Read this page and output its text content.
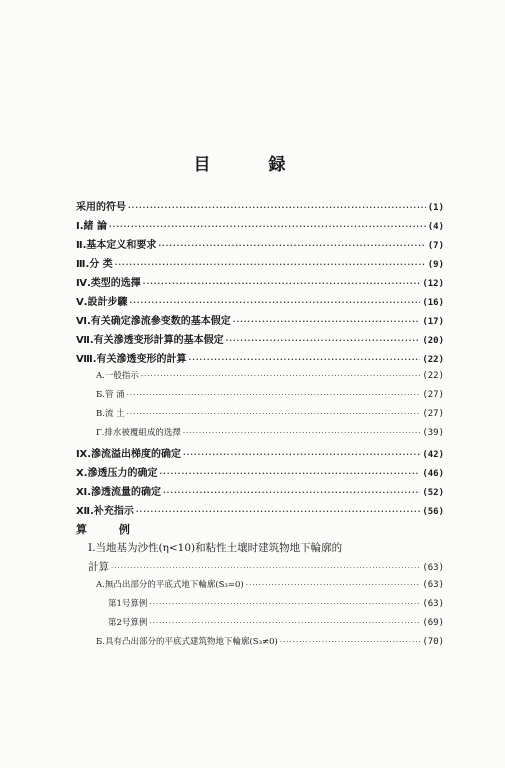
目 録
采用的符号 ·····	(1)
Ⅰ.緒 論 ·····	(4)
Ⅱ.基本定义和要求 ·····	(7)
Ⅲ.分 类 ·····	(9)
Ⅳ.类型的选擇 ·····	(12)
Ⅴ.設計步驟 ·····	(16)
Ⅵ.有关确定滲流參变数的基本假定 ·····	(17)
Ⅶ.有关滲透变形計算的基本假定 ·····	(20)
Ⅷ.有关滲透变形的計算 ·····	(22)
A.一般指示 ·····	(22)
Б.管 涌 ·····	(27)
В.流 土 ·····	(27)
Г.排水被覆組成的选擇 ·····	(39)
Ⅸ.滲流溢出梯度的确定 ·····	(42)
Ⅹ.滲透压力的确定 ·····	(46)
Ⅺ.滲透流量的确定 ·····	(52)
Ⅻ.补充指示 ·····	(56)
算 例
Ⅰ.当地基为沙性(η<10)和粘性土壤时建筑物地下輪廓的
計算 ·····	(63)
A.無凸出部分的平底式地下輪廓(S₃=0) ·····	(63)
第1号算例 ·····	(63)
第2号算例 ·····	(69)
Б.具有凸出部分的平底式建筑物地下輪廓(S₃≠0) ·····	(70)
